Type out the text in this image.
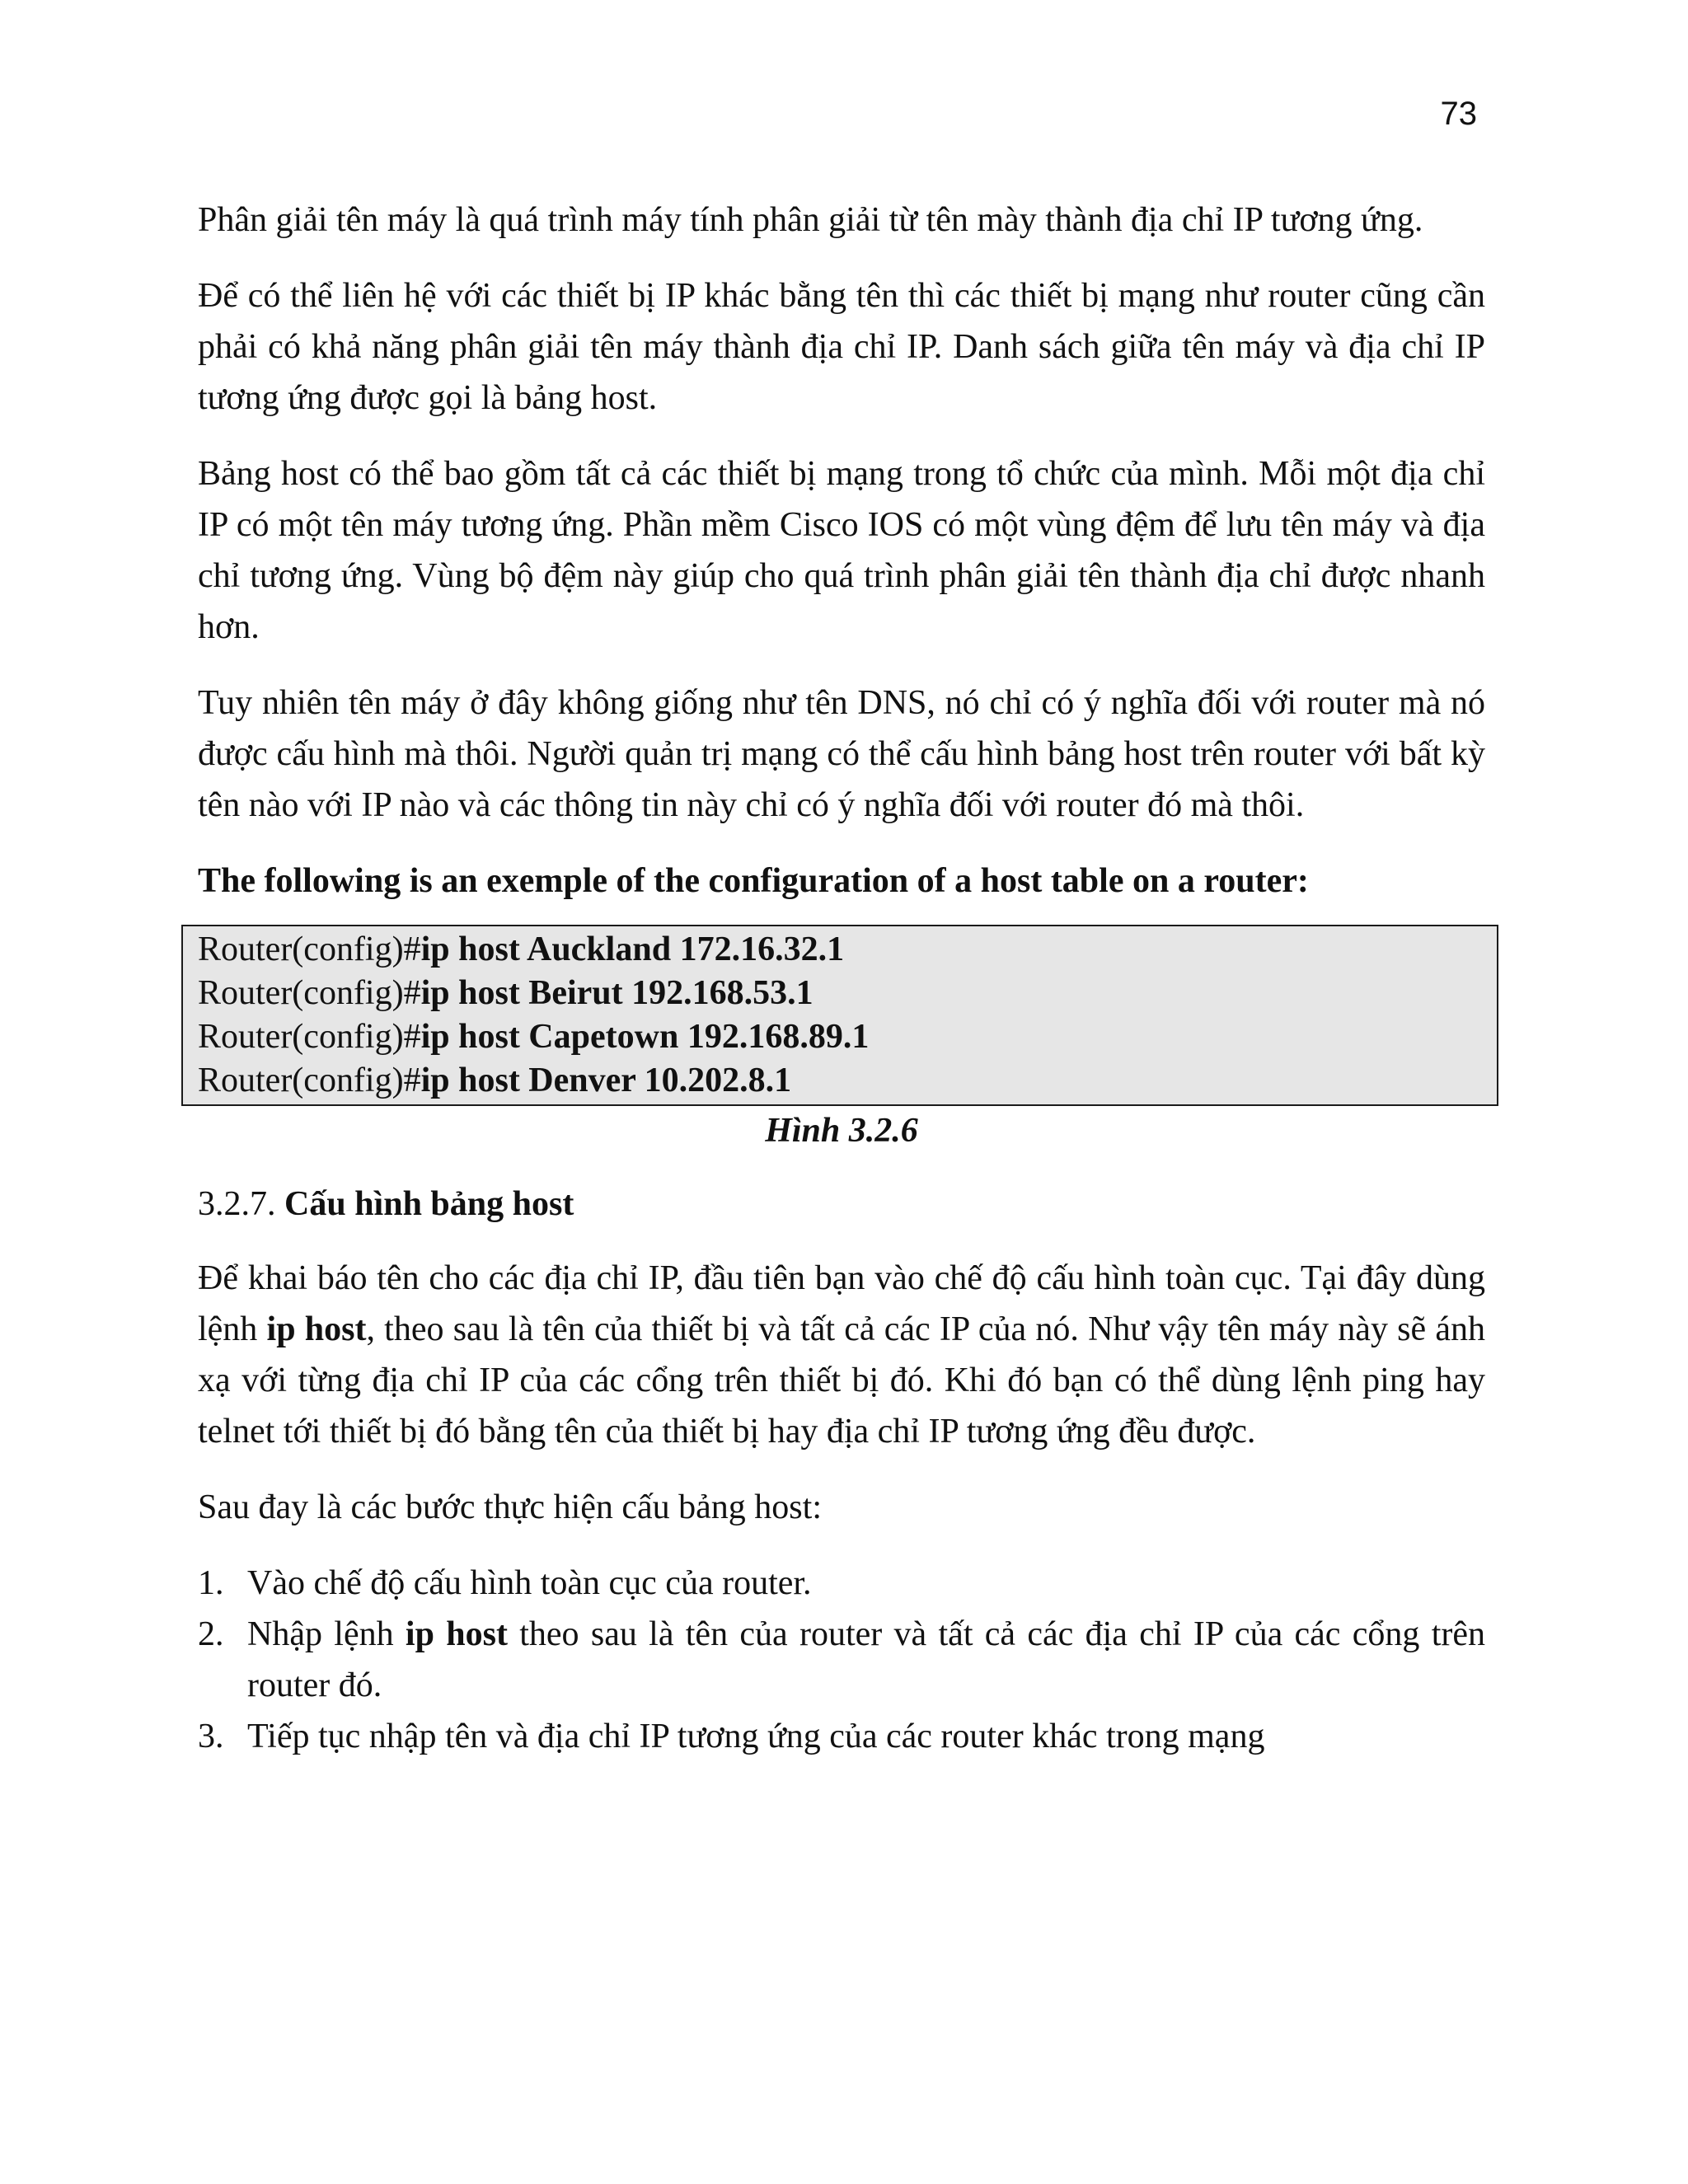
73

Phân giải tên máy là quá trình máy tính phân giải từ tên mày thành địa chỉ IP tương ứng.

Để có thể liên hệ với các thiết bị IP khác bằng tên thì các thiết bị mạng như router cũng cần phải có khả năng phân giải tên máy thành địa chỉ IP. Danh sách giữa tên máy và địa chỉ IP tương ứng được gọi là bảng host.

Bảng host có thể bao gồm tất cả các thiết bị mạng trong tổ chức của mình. Mỗi một địa chỉ IP có một tên máy tương ứng. Phần mềm Cisco IOS có một vùng đệm để lưu tên máy và địa chỉ tương ứng. Vùng bộ đệm này giúp cho quá trình phân giải tên thành địa chỉ được nhanh hơn.

Tuy nhiên tên máy ở đây không giống như tên DNS, nó chỉ có ý nghĩa đối với router mà nó được cấu hình mà thôi. Người quản trị mạng có thể cấu hình bảng host trên router với bất kỳ tên nào với IP nào và các thông tin này chỉ có ý nghĩa đối với router đó mà thôi.

The following is an exemple of the configuration of a host table on a router:
Router(config)#ip host Auckland 172.16.32.1
Router(config)#ip host Beirut 192.168.53.1
Router(config)#ip host Capetown 192.168.89.1
Router(config)#ip host Denver 10.202.8.1
Hình 3.2.6
3.2.7. Cấu hình bảng host

Để khai báo tên cho các địa chỉ IP, đầu tiên bạn vào chế độ cấu hình toàn cục. Tại đây dùng lệnh ip host, theo sau là tên của thiết bị và tất cả các IP của nó. Như vậy tên máy này sẽ ánh xạ với từng địa chỉ IP của các cổng trên thiết bị đó. Khi đó bạn có thể dùng lệnh ping hay telnet tới thiết bị đó bằng tên của thiết bị hay địa chỉ IP tương ứng đều được.

Sau đay là các bước thực hiện cấu bảng host:

1. Vào chế độ cấu hình toàn cục của router.
2. Nhập lệnh ip host theo sau là tên của router và tất cả các địa chỉ IP của các cổng trên router đó.
3. Tiếp tục nhập tên và địa chỉ IP tương ứng của các router khác trong mạng
